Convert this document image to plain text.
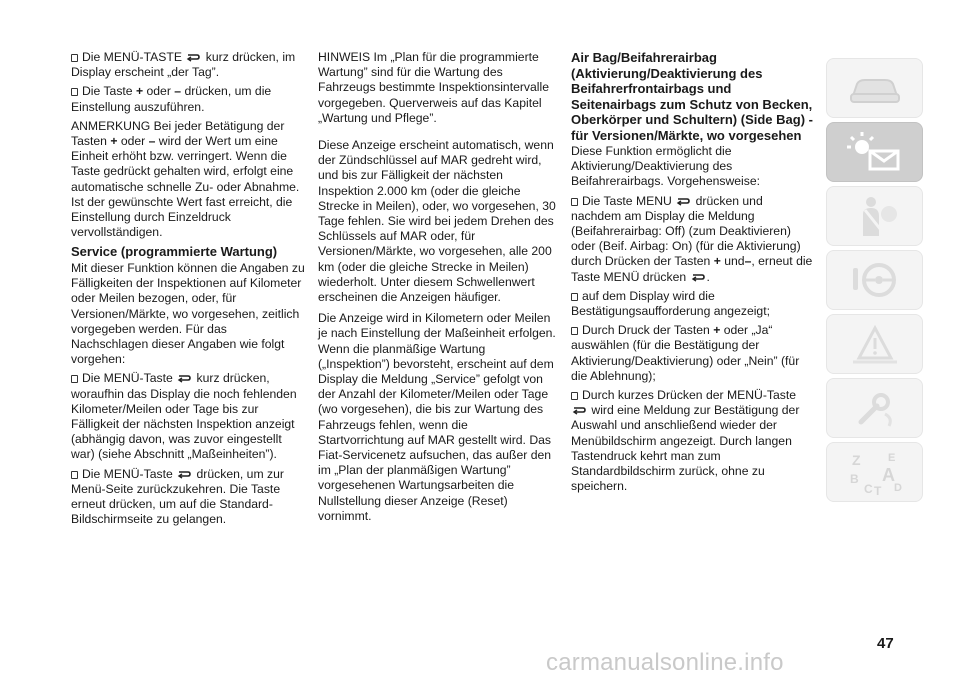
Die MENÜ-TASTE kurz drücken, im Display erscheint „der Tag”.

Die Taste + oder – drücken, um die Einstellung auszuführen.

ANMERKUNG Bei jeder Betätigung der Tasten + oder – wird der Wert um eine Einheit erhöht bzw. verringert. Wenn die Taste gedrückt gehalten wird, erfolgt eine automatische schnelle Zu- oder Abnahme. Ist der gewünschte Wert fast erreicht, die Einstellung durch Einzeldruck vervollständigen.

Service (programmierte Wartung)

Mit dieser Funktion können die Angaben zu Fälligkeiten der Inspektionen auf Kilometer oder Meilen bezogen, oder, für Versionen/Märkte, wo vorgesehen, zeitlich vorgegeben werden. Für das Nachschlagen dieser Angaben wie folgt vorgehen:

Die MENÜ-Taste kurz drücken, woraufhin das Display die noch fehlenden Kilometer/Meilen oder Tage bis zur Fälligkeit der nächsten Inspektion anzeigt (abhängig davon, was zuvor eingestellt war) (siehe Abschnitt „Maßeinheiten”).

Die MENÜ-Taste drücken, um zur Menü-Seite zurückzukehren. Die Taste erneut drücken, um auf die Standard-Bildschirmseite zu gelangen.

HINWEIS Im „Plan für die programmierte Wartung” sind für die Wartung des Fahrzeugs bestimmte Inspektionsintervalle vorgegeben. Querverweis auf das Kapitel „Wartung und Pflege”.

Diese Anzeige erscheint automatisch, wenn der Zündschlüssel auf MAR gedreht wird, und bis zur Fälligkeit der nächsten Inspektion 2.000 km (oder die gleiche Strecke in Meilen), oder, wo vorgesehen, 30 Tage fehlen. Sie wird bei jedem Drehen des Schlüssels auf MAR oder, für Versionen/Märkte, wo vorgesehen, alle 200 km (oder die gleiche Strecke in Meilen) wiederholt. Unter diesem Schwellenwert erscheinen die Anzeigen häufiger.

Die Anzeige wird in Kilometern oder Meilen je nach Einstellung der Maßeinheit erfolgen. Wenn die planmäßige Wartung („Inspektion”) bevorsteht, erscheint auf dem Display die Meldung „Service” gefolgt von der Anzahl der Kilometer/Meilen oder Tage (wo vorgesehen), die bis zur Wartung des Fahrzeugs fehlen, wenn die Startvorrichtung auf MAR gestellt wird. Das Fiat-Servicenetz aufsuchen, das außer den im „Plan der planmäßigen Wartung” vorgesehenen Wartungsarbeiten die Nullstellung dieser Anzeige (Reset) vornimmt.

Air Bag/Beifahrerairbag (Aktivierung/Deaktivierung des Beifahrerfrontairbags und Seitenairbags zum Schutz von Becken, Oberkörper und Schultern) (Side Bag) - für Versionen/Märkte, wo vorgesehen

Diese Funktion ermöglicht die Aktivierung/Deaktivierung des Beifahrerairbags. Vorgehensweise:

Die Taste MENU drücken und nachdem am Display die Meldung (Beifahrerairbag: Off) (zum Deaktivieren) oder (Beif. Airbag: On) (für die Aktivierung) durch Drücken der Tasten + und–, erneut die Taste MENÜ drücken .

auf dem Display wird die Bestätigungsaufforderung angezeigt;

Durch Druck der Tasten + oder „Ja“ auswählen (für die Bestätigung der Aktivierung/Deaktivierung) oder „Nein” (für die Ablehnung);

Durch kurzes Drücken der MENÜ-Taste
wird eine Meldung zur Bestätigung der Auswahl und anschließend wieder der Menübildschirm angezeigt. Durch langen Tastendruck kehrt man zum Standardbildschirm zurück, ohne zu speichern.

Z E
B A
C T D
47
carmanualsonline.info
